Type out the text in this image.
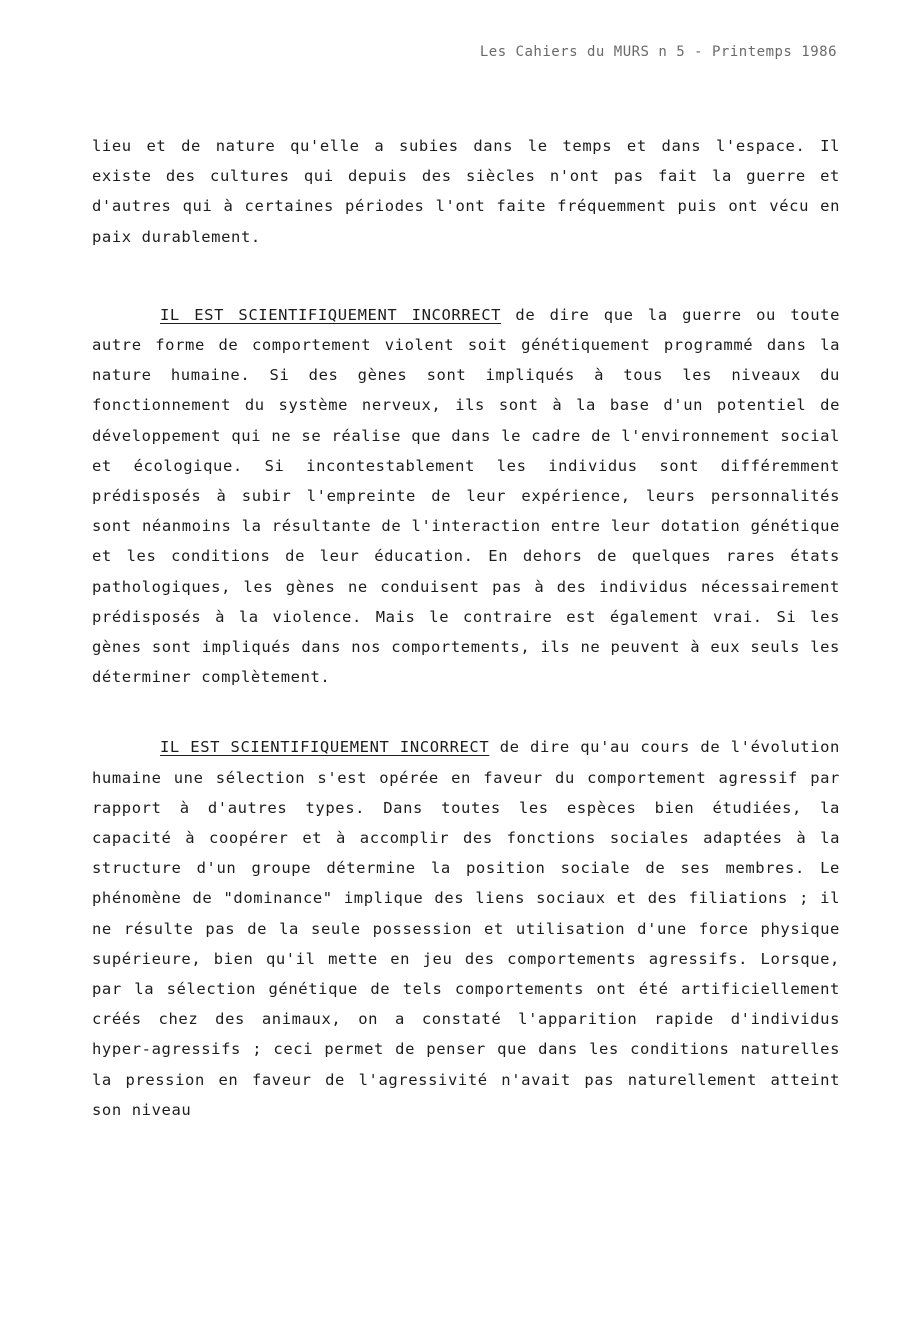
Les Cahiers du MURS n 5 - Printemps 1986

lieu et de nature qu'elle a subies dans le temps et dans l'espace. Il existe des cultures qui depuis des siècles n'ont pas fait la guerre et d'autres qui à certaines périodes l'ont faite fréquemment puis ont vécu en paix durablement.

IL EST SCIENTIFIQUEMENT INCORRECT de dire que la guerre ou toute autre forme de comportement violent soit génétiquement programmé dans la nature humaine. Si des gènes sont impliqués à tous les niveaux du fonctionnement du système nerveux, ils sont à la base d'un potentiel de développement qui ne se réalise que dans le cadre de l'environnement social et écologique. Si incontestablement les individus sont différemment prédisposés à subir l'empreinte de leur expérience, leurs personnalités sont néanmoins la résultante de l'interaction entre leur dotation génétique et les conditions de leur éducation. En dehors de quelques rares états pathologiques, les gènes ne conduisent pas à des individus nécessairement prédisposés à la violence. Mais le contraire est également vrai. Si les gènes sont impliqués dans nos comportements, ils ne peuvent à eux seuls les déterminer complètement.

IL EST SCIENTIFIQUEMENT INCORRECT de dire qu'au cours de l'évolution humaine une sélection s'est opérée en faveur du comportement agressif par rapport à d'autres types. Dans toutes les espèces bien étudiées, la capacité à coopérer et à accomplir des fonctions sociales adaptées à la structure d'un groupe détermine la position sociale de ses membres. Le phénomène de "dominance" implique des liens sociaux et des filiations ; il ne résulte pas de la seule possession et utilisation d'une force physique supérieure, bien qu'il mette en jeu des comportements agressifs. Lorsque, par la sélection génétique de tels comportements ont été artificiellement créés chez des animaux, on a constaté l'apparition rapide d'individus hyper-agressifs ; ceci permet de penser que dans les conditions naturelles la pression en faveur de l'agressivité n'avait pas naturellement atteint son niveau
